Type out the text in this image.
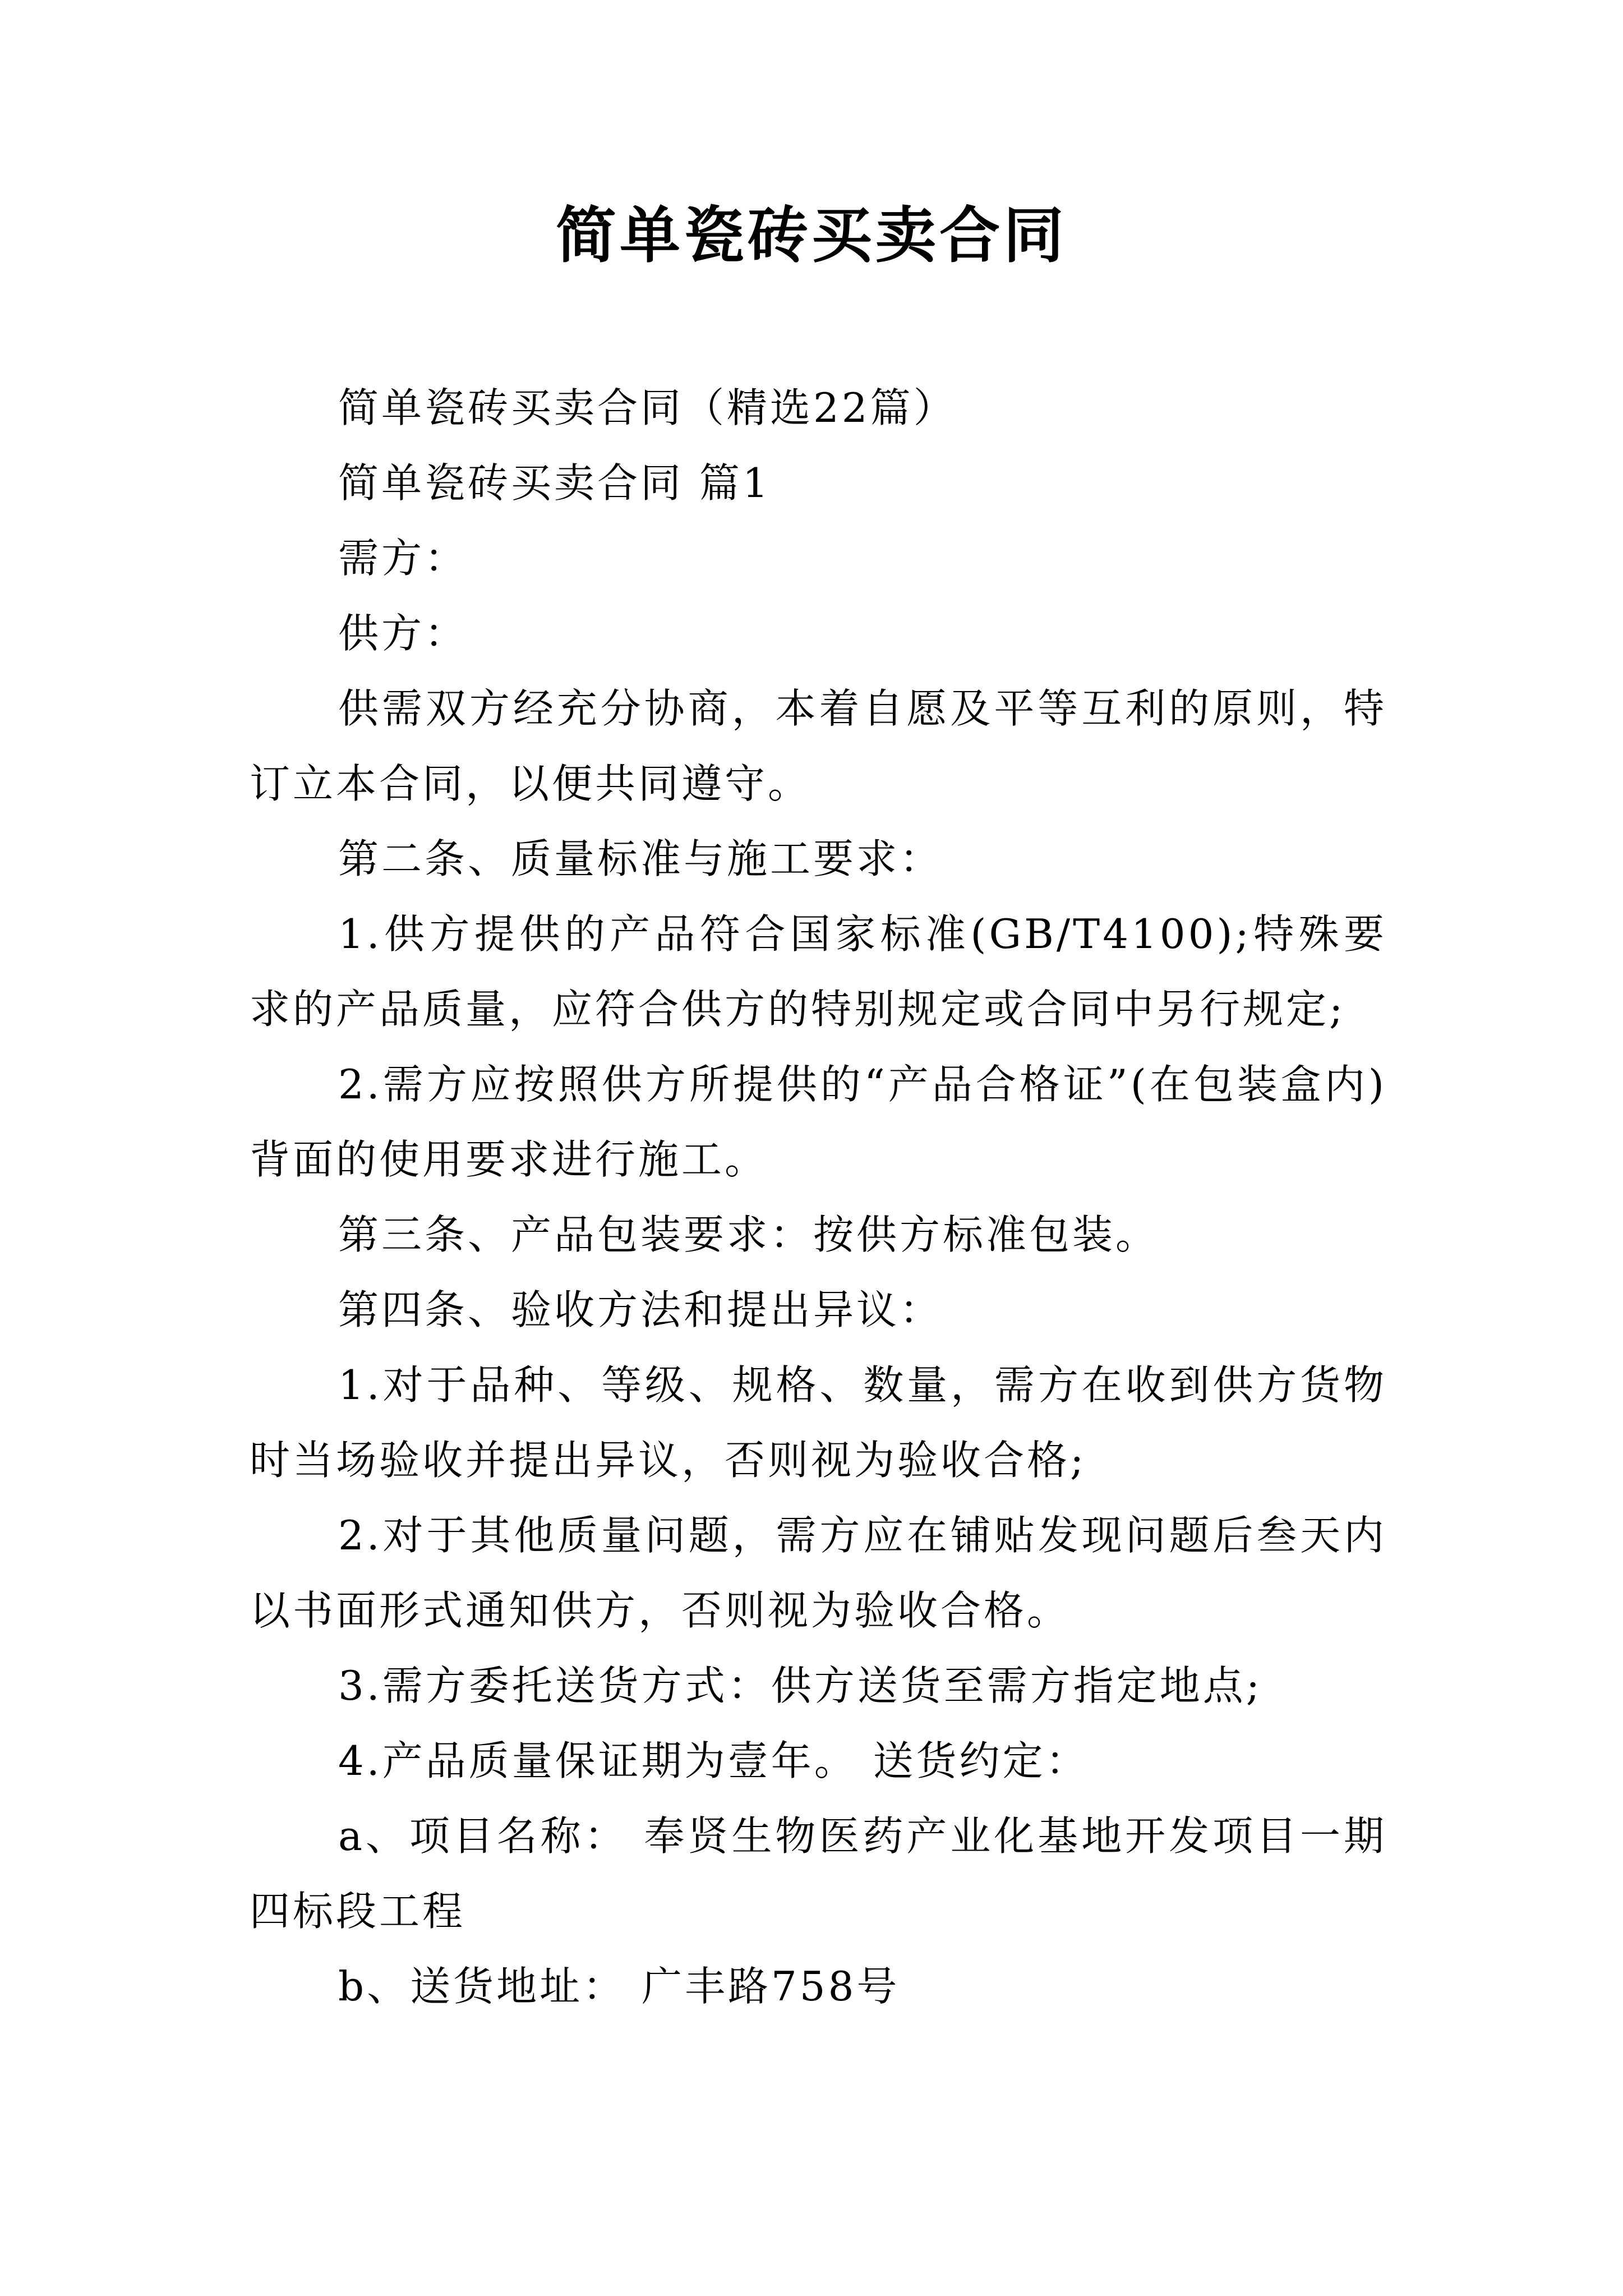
简单瓷砖买卖合同

简单瓷砖买卖合同（精选22篇）

简单瓷砖买卖合同 篇1

需方：

供方：

供需双方经充分协商，本着自愿及平等互利的原则，特订立本合同，以便共同遵守。

第二条、质量标准与施工要求：

1.供方提供的产品符合国家标准(GB/T4100);特殊要求的产品质量，应符合供方的特别规定或合同中另行规定;

2.需方应按照供方所提供的“产品合格证”(在包装盒内)背面的使用要求进行施工。

第三条、产品包装要求：按供方标准包装。

第四条、验收方法和提出异议：

1.对于品种、等级、规格、数量，需方在收到供方货物时当场验收并提出异议，否则视为验收合格;

2.对于其他质量问题，需方应在铺贴发现问题后叁天内以书面形式通知供方，否则视为验收合格。

3.需方委托送货方式：供方送货至需方指定地点;

4.产品质量保证期为壹年。 送货约定：

a、项目名称： 奉贤生物医药产业化基地开发项目一期四标段工程

b、送货地址： 广丰路758号
